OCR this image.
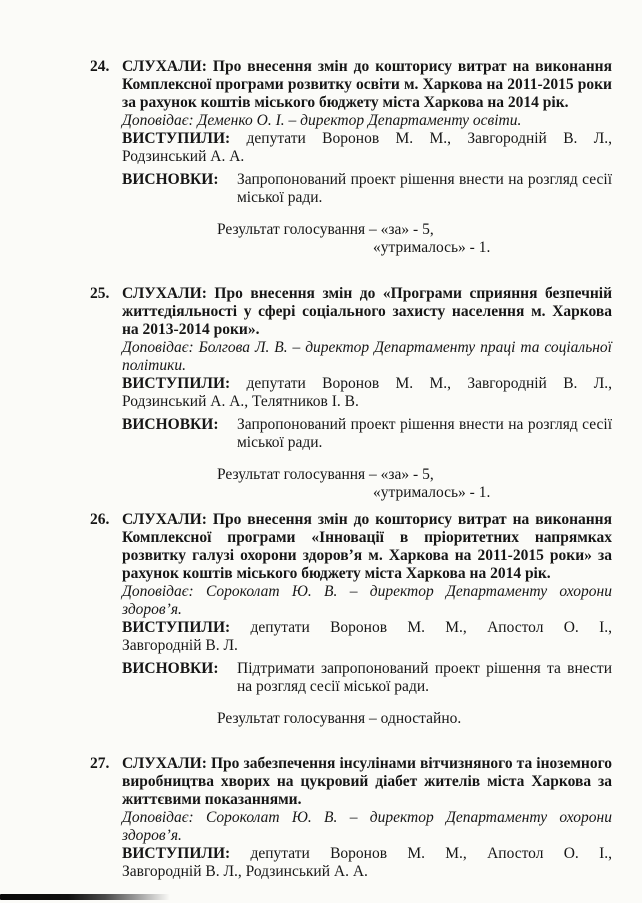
24. СЛУХАЛИ: Про внесення змін до кошторису витрат на виконання Комплексної програми розвитку освіти м. Харкова на 2011-2015 роки за рахунок коштів міського бюджету міста Харкова на 2014 рік.

Доповідає: Деменко О. І. – директор Департаменту освіти.

ВИСТУПИЛИ: депутати Воронов М. М., Завгородній В. Л., Родзинський А. А.

ВИСНОВКИ:	Запропонований проект рішення внести на розгляд сесії міської ради.
Результат голосування – «за» - 5,
«утрималось» - 1.
25. СЛУХАЛИ: Про внесення змін до «Програми сприяння безпечній життєдіяльності у сфері соціального захисту населення м. Харкова на 2013-2014 роки».

Доповідає: Болгова Л. В. – директор Департаменту праці та соціальної політики.

ВИСТУПИЛИ: депутати Воронов М. М., Завгородній В. Л., Родзинський А. А., Телятников І. В.

ВИСНОВКИ:	Запропонований проект рішення внести на розгляд сесії міської ради.
Результат голосування – «за» - 5,
«утрималось» - 1.
26. СЛУХАЛИ: Про внесення змін до кошторису витрат на виконання Комплексної програми «Інновації в пріоритетних напрямках розвитку галузі охорони здоров’я м. Харкова на 2011-2015 роки» за рахунок коштів міського бюджету міста Харкова на 2014 рік.

Доповідає: Сороколат Ю. В. – директор Департаменту охорони здоров’я.

ВИСТУПИЛИ: депутати Воронов М. М., Апостол О. І., Завгородній В. Л.

ВИСНОВКИ:	Підтримати запропонований проект рішення та внести на розгляд сесії міської ради.
Результат голосування – одностайно.
27. СЛУХАЛИ: Про забезпечення інсулінами вітчизняного та іноземного виробництва хворих на цукровий діабет жителів міста Харкова за життєвими показаннями.

Доповідає: Сороколат Ю. В. – директор Департаменту охорони здоров’я.

ВИСТУПИЛИ: депутати Воронов М. М., Апостол О. І., Завгородній В. Л., Родзинський А. А.
